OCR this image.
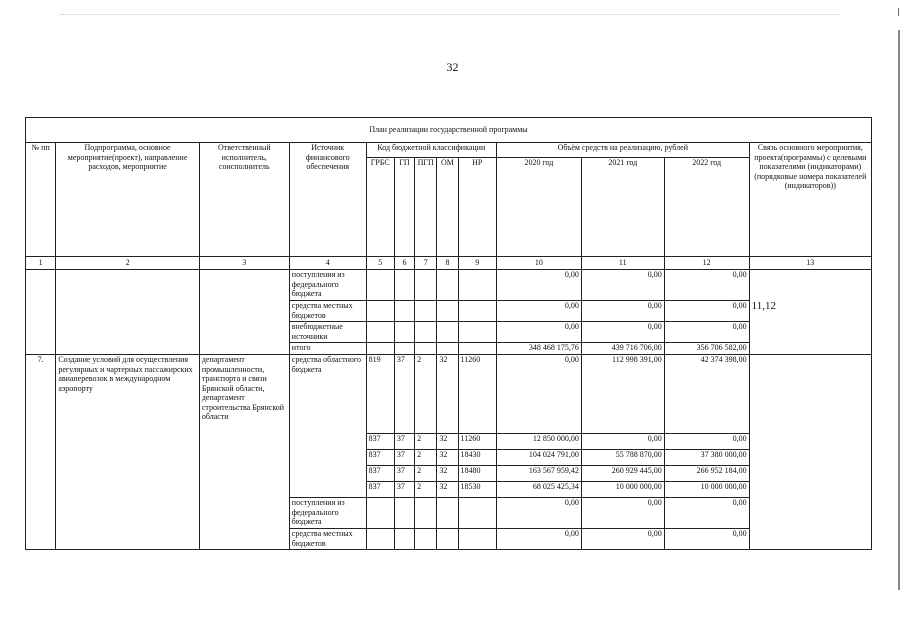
32
План реализации государственной программы												
№ пп	Подпрограмма, основное мероприятие(проект), направление расходов, мероприятие	Ответственный исполнитель, соисполнитель	Источник финансового обеспечения	Код бюджетной классификации					Объём средств на реализацию, рублей			Связь основного мероприятия, проекта(программы) с целевыми показателями (индикаторами) (порядковые номера показателей (индикаторов))
				ГРБС	ГП	ПГП	ОМ	НР	2020 год	2021 год	2022 год	
1	2	3	4	5	6	7	8	9	10	11	12	13
			поступления из федерального бюджета						0,00	0,00	0,00	
			средства местных бюджетов						0,00	0,00	0,00	
			внебюджетные источники						0,00	0,00	0,00	
			итого						348 468 175,76	439 716 706,00	356 706 582,00	
7.	Создание условий для осуществления регулярных и чартерных пассажирских авиаперевозок в международном аэропорту	департамент промышленности, транспорта и связи Брянской области, департамент строительства Брянской области	средства областного бюджета	819	37	2	32	11260	0,00	112 998 391,00	42 374 398,00	11,12

				837	37	2	32	11260	12 850 000,00	0,00	0,00	
				837	37	2	32	18430	104 024 791,00	55 788 870,00	37 380 000,00	
				837	37	2	32	18480	163 567 959,42	260 929 445,00	266 952 184,00	
				837	37	2	32	18530	68 025 425,34	10 000 000,00	10 000 000,00	
			поступления из федерального бюджета						0,00	0,00	0,00	
			средства местных бюджетов						0,00	0,00	0,00	
